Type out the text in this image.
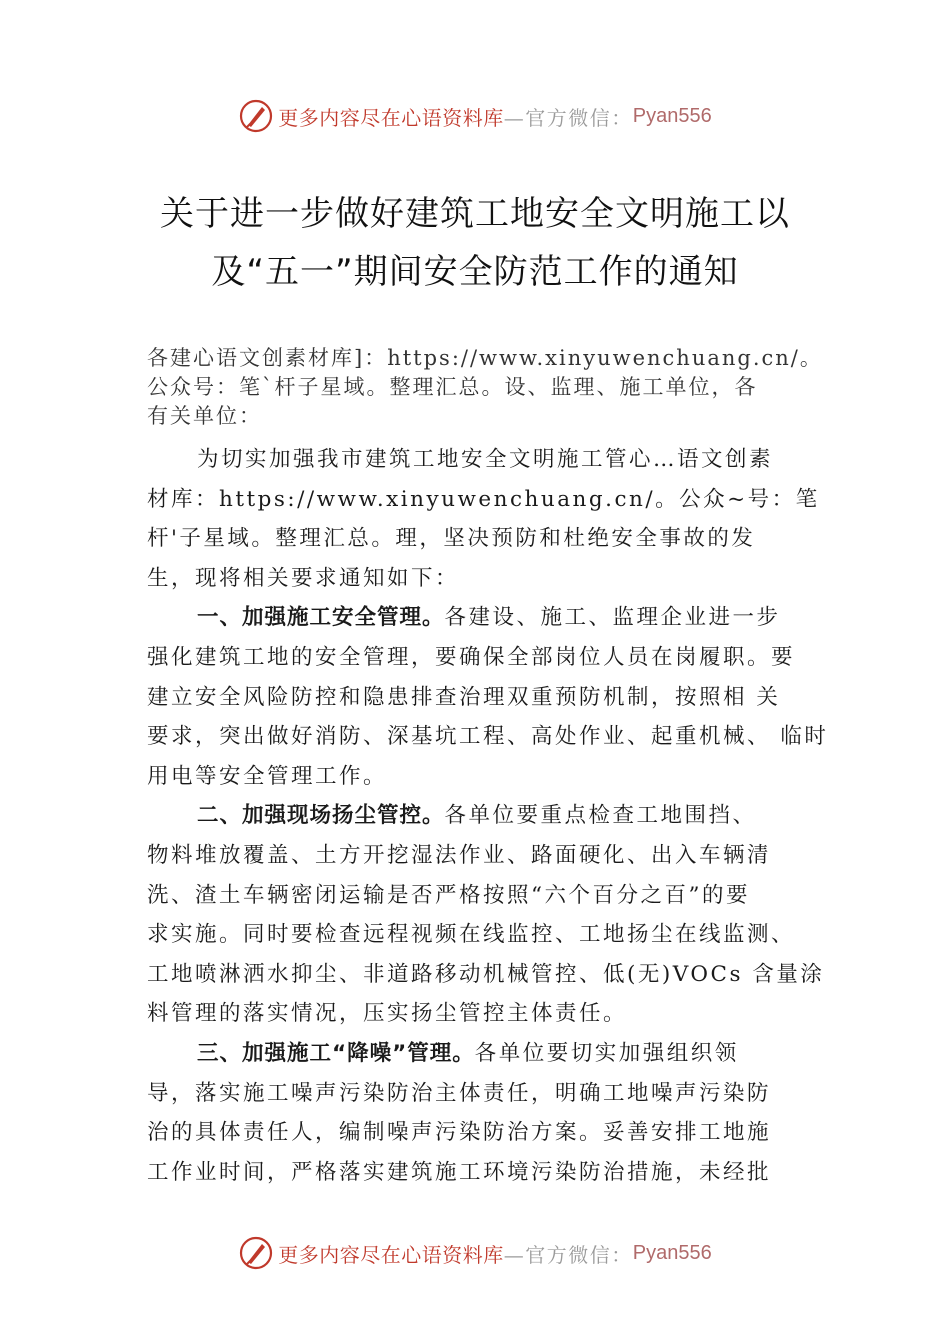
更多内容尽在心语资料库 —官方微信： Pyan556
关于进一步做好建筑工地安全文明施工以
及“五一”期间安全防范工作的通知
各建心语文创素材库]：https://www.xinyuwenchuang.cn/。
公众号：笔`杆子星域。整理汇总。设、监理、施工单位，各
有关单位：
为切实加强我市建筑工地安全文明施工管心…语文创素
材库：https://www.xinyuwenchuang.cn/。公众~号：笔
杆'子星域。整理汇总。理，坚决预防和杜绝安全事故的发
生，现将相关要求通知如下：
一、加强施工安全管理。各建设、施工、监理企业进一步
强化建筑工地的安全管理，要确保全部岗位人员在岗履职。要
建立安全风险防控和隐患排查治理双重预防机制，按照相 关
要求，突出做好消防、深基坑工程、高处作业、起重机械、 临时
用电等安全管理工作。
二、加强现场扬尘管控。各单位要重点检查工地围挡、
物料堆放覆盖、土方开挖湿法作业、路面硬化、出入车辆清
洗、渣土车辆密闭运输是否严格按照“六个百分之百”的要
求实施。同时要检查远程视频在线监控、工地扬尘在线监测、
工地喷淋洒水抑尘、非道路移动机械管控、低(无)VOCs 含量涂
料管理的落实情况，压实扬尘管控主体责任。
三、加强施工“降噪”管理。各单位要切实加强组织领
导，落实施工噪声污染防治主体责任，明确工地噪声污染防
治的具体责任人，编制噪声污染防治方案。妥善安排工地施
工作业时间，严格落实建筑施工环境污染防治措施，未经批
更多内容尽在心语资料库 —官方微信： Pyan556
